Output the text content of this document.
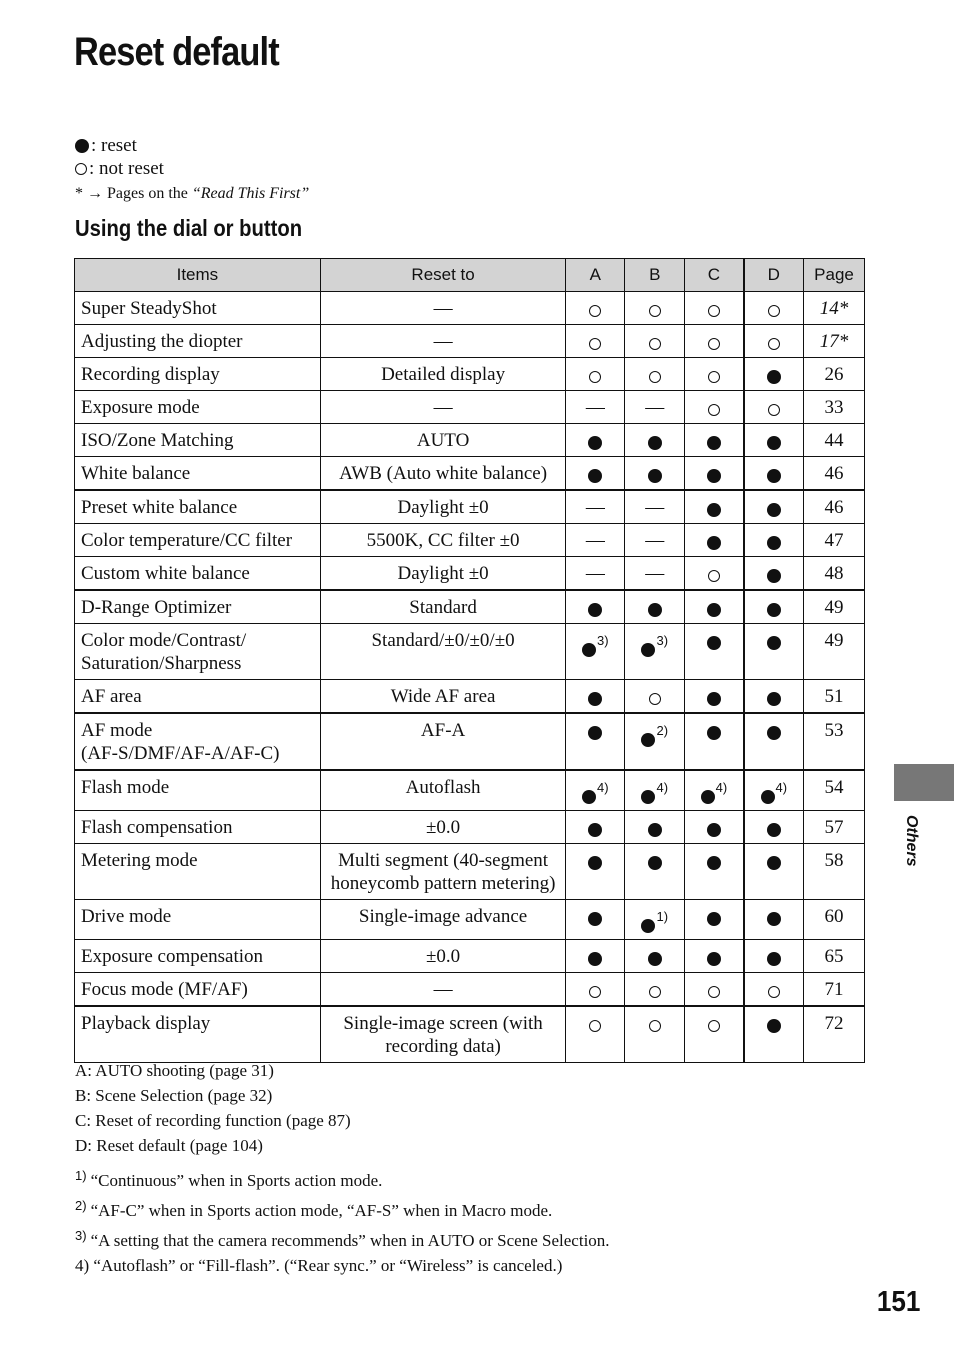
Reset default
: reset
: not reset
* → Pages on the “Read This First”
Using the dial or button
Items	Reset to	A	B	C	D	Page

Super SteadyShot	—					14*

Adjusting the diopter	—					17*

Recording display	Detailed display					26

Exposure mode	—	—	—			33

ISO/Zone Matching	AUTO					44

White balance	AWB (Auto white balance)					46

Preset white balance	Daylight ±0	—	—			46

Color temperature/CC filter	5500K, CC filter ±0	—	—			47

Custom white balance	Daylight ±0	—	—			48

D-Range Optimizer	Standard					49

Color mode/Contrast/
Saturation/Sharpness	Standard/±0/±0/±0	$^{3)}$	$^{3)}$			49

AF area	Wide AF area					51

AF mode
(AF-S/DMF/AF-A/AF-C)	AF-A		$^{2)}$			53

Flash mode	Autoflash	$^{4)}$	$^{4)}$	$^{4)}$	$^{4)}$	54

Flash compensation	±0.0					57

Metering mode	Multi segment (40-segment
honeycomb pattern metering)					58

Drive mode	Single-image advance		$^{1)}$			60

Exposure compensation	±0.0					65

Focus mode (MF/AF)	—					71

Playback display	Single-image screen (with
recording data)					72
A: AUTO shooting (page 31)
B: Scene Selection (page 32)
C: Reset of recording function (page 87)
D: Reset default (page 104)
$^{1)}$ “Continuous” when in Sports action mode.
$^{2)}$ “AF-C” when in Sports action mode, “AF-S” when in Macro mode.
$^{3)}$ “A setting that the camera recommends” when in AUTO or Scene Selection.
4) “Autoflash” or “Fill-flash”. (“Rear sync.” or “Wireless” is canceled.)
Others
151
